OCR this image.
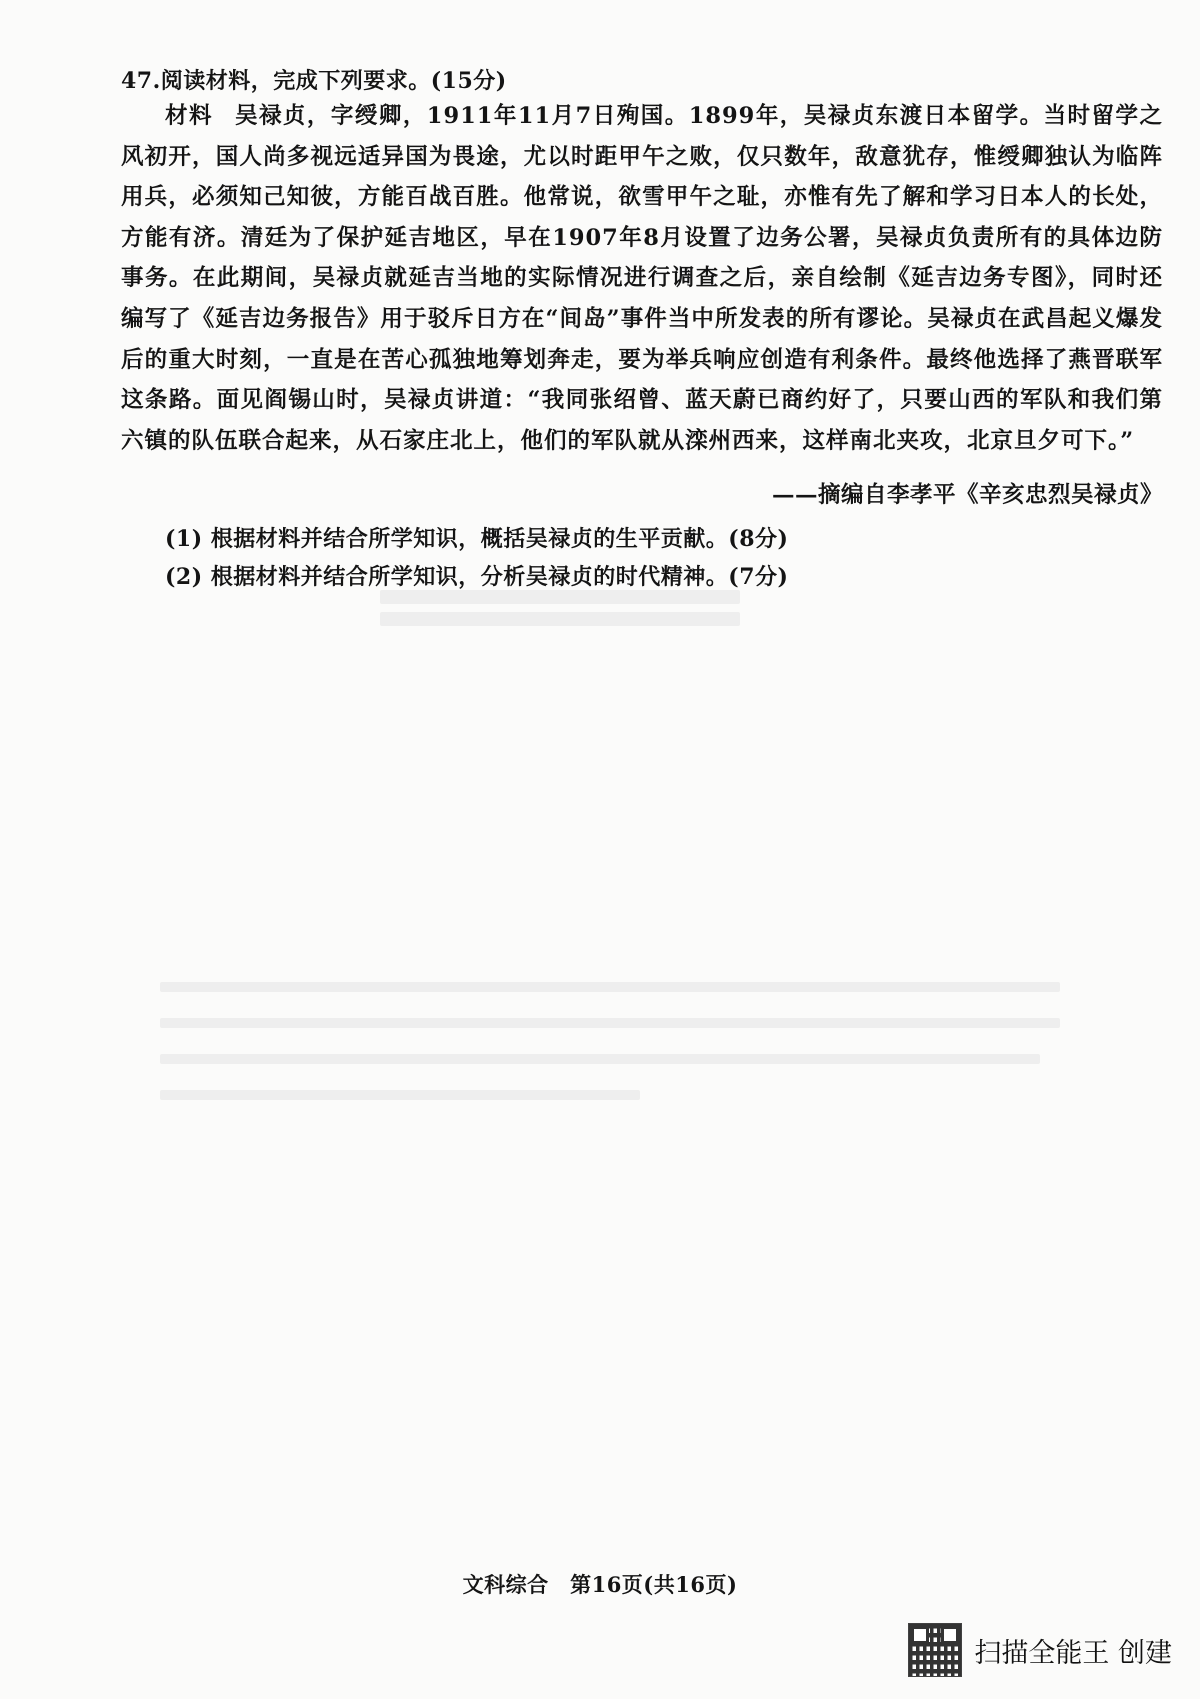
47.阅读材料，完成下列要求。(15分)

材料 吴禄贞，字绶卿，1911年11月7日殉国。1899年，吴禄贞东渡日本留学。当时留学之风初开，国人尚多视远适异国为畏途，尤以时距甲午之败，仅只数年，敌意犹存，惟绶卿独认为临阵用兵，必须知己知彼，方能百战百胜。他常说，欲雪甲午之耻，亦惟有先了解和学习日本人的长处，方能有济。清廷为了保护延吉地区，早在1907年8月设置了边务公署，吴禄贞负责所有的具体边防事务。在此期间，吴禄贞就延吉当地的实际情况进行调查之后，亲自绘制《延吉边务专图》，同时还编写了《延吉边务报告》用于驳斥日方在“间岛”事件当中所发表的所有谬论。吴禄贞在武昌起义爆发后的重大时刻，一直是在苦心孤独地筹划奔走，要为举兵响应创造有利条件。最终他选择了燕晋联军这条路。面见阎锡山时，吴禄贞讲道：“我同张绍曾、蓝天蔚已商约好了，只要山西的军队和我们第六镇的队伍联合起来，从石家庄北上，他们的军队就从滦州西来，这样南北夹攻，北京旦夕可下。”

——摘编自李孝平《辛亥忠烈吴禄贞》
(1) 根据材料并结合所学知识，概括吴禄贞的生平贡献。(8分)
(2) 根据材料并结合所学知识，分析吴禄贞的时代精神。(7分)
文科综合　第16页(共16页)
扫描全能王 创建
